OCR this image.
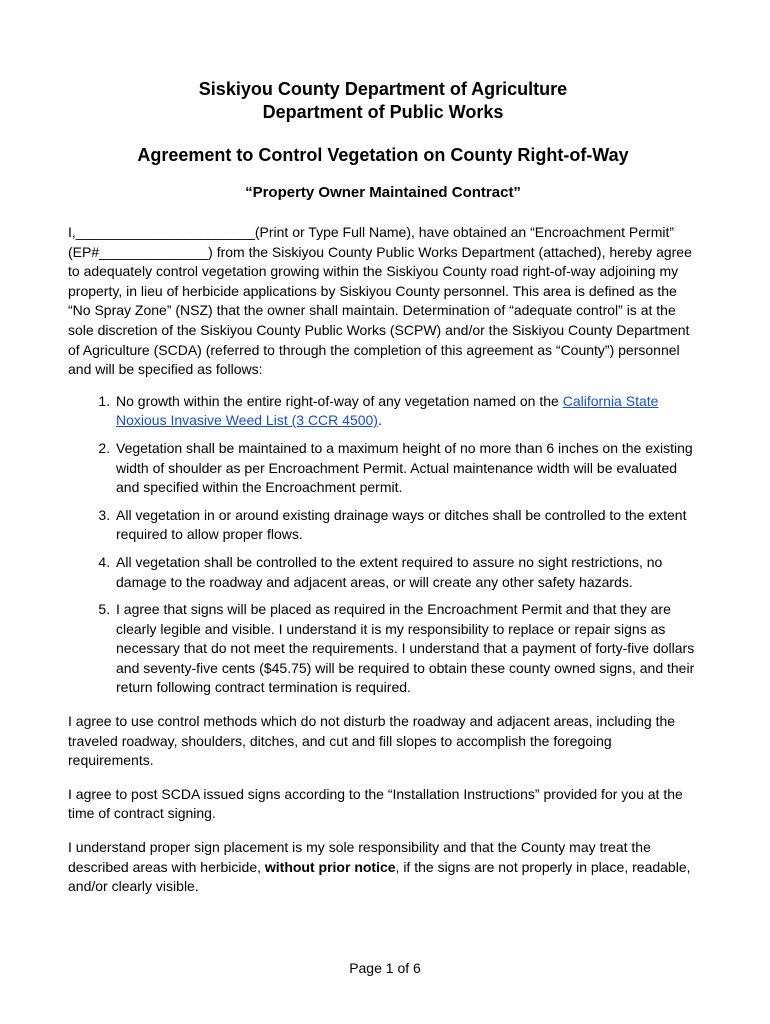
Siskiyou County Department of Agriculture
Department of Public Works
Agreement to Control Vegetation on County Right-of-Way
“Property Owner Maintained Contract”

I,_______________________(Print or Type Full Name), have obtained an “Encroachment Permit” (EP#______________) from the Siskiyou County Public Works Department (attached), hereby agree to adequately control vegetation growing within the Siskiyou County road right-of-way adjoining my property, in lieu of herbicide applications by Siskiyou County personnel. This area is defined as the “No Spray Zone” (NSZ) that the owner shall maintain. Determination of “adequate control” is at the sole discretion of the Siskiyou County Public Works (SCPW) and/or the Siskiyou County Department of Agriculture (SCDA) (referred to through the completion of this agreement as “County”) personnel and will be specified as follows:

1. No growth within the entire right-of-way of any vegetation named on the California State Noxious Invasive Weed List (3 CCR 4500).
2. Vegetation shall be maintained to a maximum height of no more than 6 inches on the existing width of shoulder as per Encroachment Permit. Actual maintenance width will be evaluated and specified within the Encroachment permit.
3. All vegetation in or around existing drainage ways or ditches shall be controlled to the extent required to allow proper flows.
4. All vegetation shall be controlled to the extent required to assure no sight restrictions, no damage to the roadway and adjacent areas, or will create any other safety hazards.
5. I agree that signs will be placed as required in the Encroachment Permit and that they are clearly legible and visible. I understand it is my responsibility to replace or repair signs as necessary that do not meet the requirements. I understand that a payment of forty-five dollars and seventy-five cents ($45.75) will be required to obtain these county owned signs, and their return following contract termination is required.

I agree to use control methods which do not disturb the roadway and adjacent areas, including the traveled roadway, shoulders, ditches, and cut and fill slopes to accomplish the foregoing requirements.

I agree to post SCDA issued signs according to the “Installation Instructions” provided for you at the time of contract signing.

I understand proper sign placement is my sole responsibility and that the County may treat the described areas with herbicide, without prior notice, if the signs are not properly in place, readable, and/or clearly visible.

Page 1 of 6
